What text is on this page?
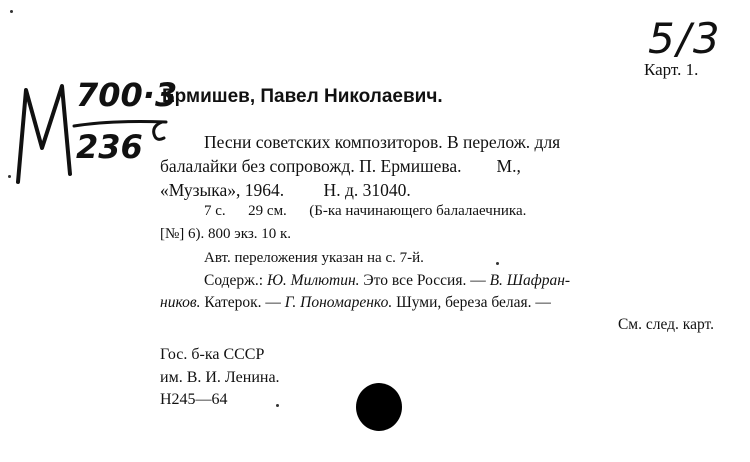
5/3
700·3
236
Карт. 1.
Ермишев, Павел Николаевич.
Песни советских композиторов. В перелож. для
балалайки без сопровожд. П. Ермишева.        М.,
«Музыка», 1964.         Н. д. 31040.
7 с.      29 см.      (Б-ка начинающего балалаечника.
[№] 6). 800 экз. 10 к.
Авт. переложения указан на с. 7-й.
Содерж.: Ю. Милютин. Это все Россия. — В. Шафран-
ников. Катерок. — Г. Пономаренко. Шуми, береза белая. —
См. след. карт.
Гос. б-ка СССР
им. В. И. Ленина.
Н245—64
